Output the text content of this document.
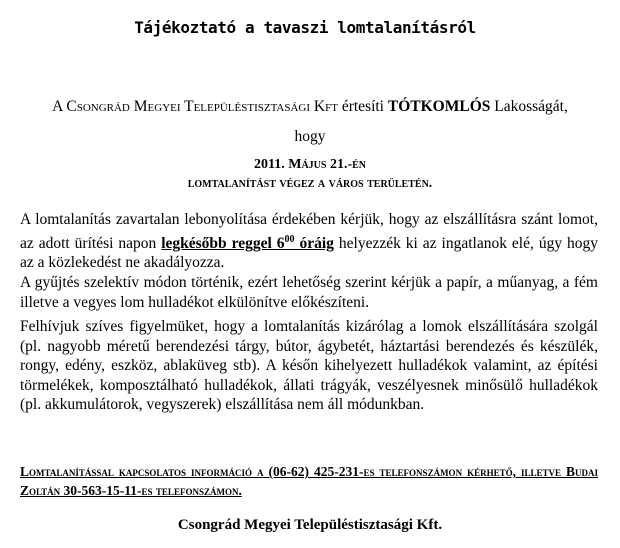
Tájékoztató a tavaszi lomtalanításról
A Csongrád Megyei Településtisztasági Kft értesíti TÓTKOMLÓS Lakosságát,
hogy
2011. Május 21.-én
lomtalanítást végez a város területén.

A lomtalanítás zavartalan lebonyolítása érdekében kérjük, hogy az elszállításra szánt lomot, az adott ürítési napon legkésőbb reggel $6^{00}$ óráig helyezzék ki az ingatlanok elé, úgy hogy az a közlekedést ne akadályozza.

A gyűjtés szelektív módon történik, ezért lehetőség szerint kérjük a papír, a műanyag, a fém illetve a vegyes lom hulladékot elkülönítve előkészíteni.

Felhívjuk szíves figyelmüket, hogy a lomtalanítás kizárólag a lomok elszállítására szolgál (pl. nagyobb méretű berendezési tárgy, bútor, ágybetét, háztartási berendezés és készülék, rongy, edény, eszköz, ablaküveg stb). A későn kihelyezett hulladékok valamint, az építési törmelékek, komposztálható hulladékok, állati trágyák, veszélyesnek minősülő hulladékok (pl. akkumulátorok, vegyszerek) elszállítása nem áll módunkban.

Lomtalanítással kapcsolatos információ a (06-62) 425-231-es telefonszámon kérhető, illetve Budai Zoltán 30-563-15-11-es telefonszámon.

Csongrád Megyei Településtisztasági Kft.
